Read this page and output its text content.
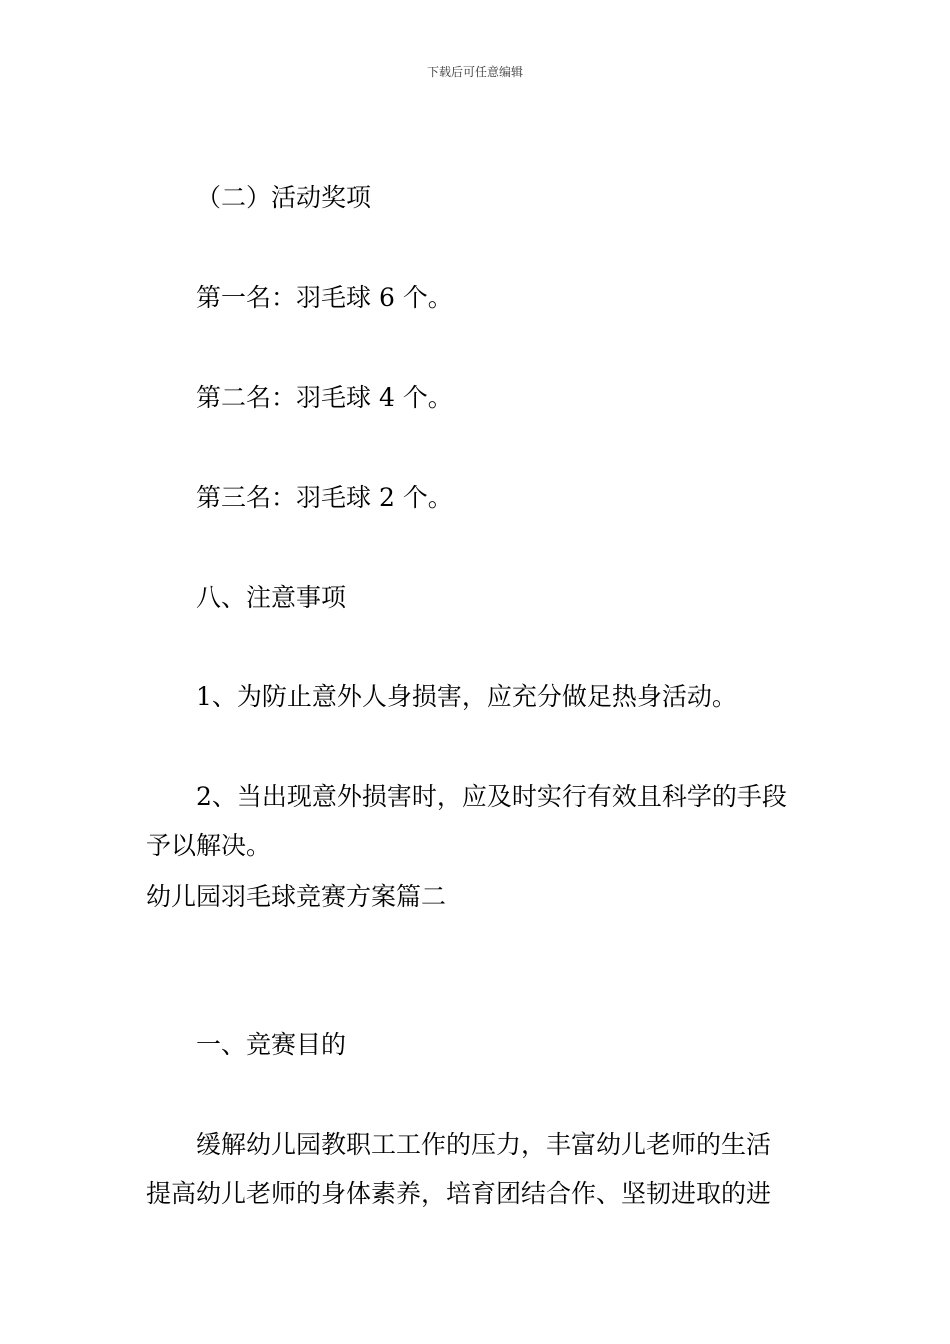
下载后可任意编辑
（二）活动奖项
第一名：羽毛球 6 个。
第二名：羽毛球 4 个。
第三名：羽毛球 2 个。
八、注意事项
1、为防止意外人身损害，应充分做足热身活动。
2、当出现意外损害时，应及时实行有效且科学的手段
予以解决。
幼儿园羽毛球竞赛方案篇二
一、竞赛目的
缓解幼儿园教职工工作的压力，丰富幼儿老师的生活
提高幼儿老师的身体素养，培育团结合作、坚韧进取的进
